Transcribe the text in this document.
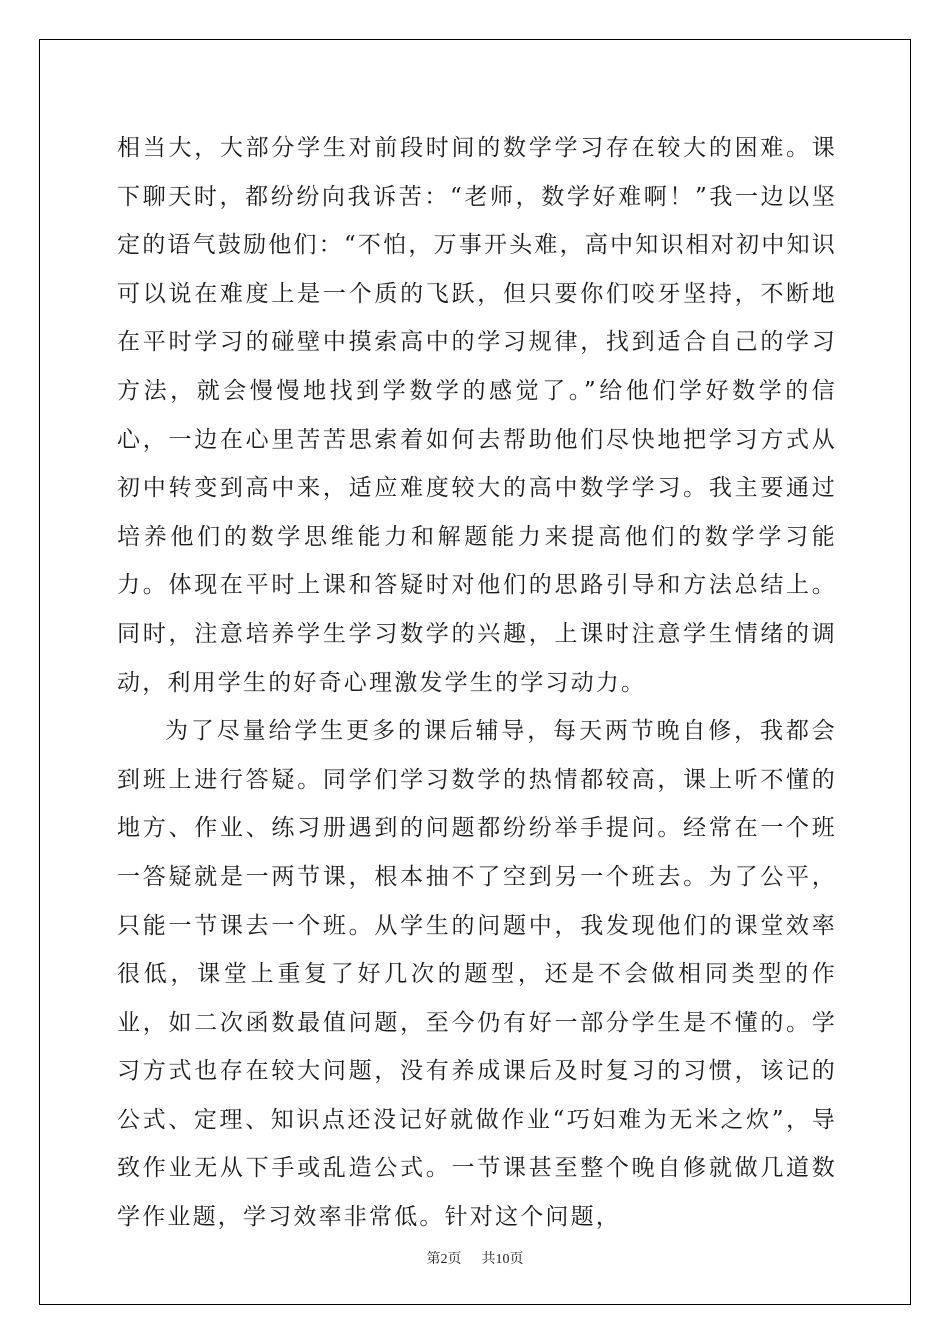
相当大，大部分学生对前段时间的数学学习存在较大的困难。课下聊天时，都纷纷向我诉苦：“老师，数学好难啊！”我一边以坚定的语气鼓励他们：“不怕，万事开头难，高中知识相对初中知识可以说在难度上是一个质的飞跃，但只要你们咬牙坚持，不断地在平时学习的碰壁中摸索高中的学习规律，找到适合自己的学习方法，就会慢慢地找到学数学的感觉了。”给他们学好数学的信心，一边在心里苦苦思索着如何去帮助他们尽快地把学习方式从初中转变到高中来，适应难度较大的高中数学学习。我主要通过培养他们的数学思维能力和解题能力来提高他们的数学学习能力。体现在平时上课和答疑时对他们的思路引导和方法总结上。同时，注意培养学生学习数学的兴趣，上课时注意学生情绪的调动，利用学生的好奇心理激发学生的学习动力。

为了尽量给学生更多的课后辅导，每天两节晚自修，我都会到班上进行答疑。同学们学习数学的热情都较高，课上听不懂的地方、作业、练习册遇到的问题都纷纷举手提问。经常在一个班一答疑就是一两节课，根本抽不了空到另一个班去。为了公平，只能一节课去一个班。从学生的问题中，我发现他们的课堂效率很低，课堂上重复了好几次的题型，还是不会做相同类型的作业，如二次函数最值问题，至今仍有好一部分学生是不懂的。学习方式也存在较大问题，没有养成课后及时复习的习惯，该记的公式、定理、知识点还没记好就做作业“巧妇难为无米之炊”，导致作业无从下手或乱造公式。一节课甚至整个晚自修就做几道数学作业题，学习效率非常低。针对这个问题，

第2页 共10页
